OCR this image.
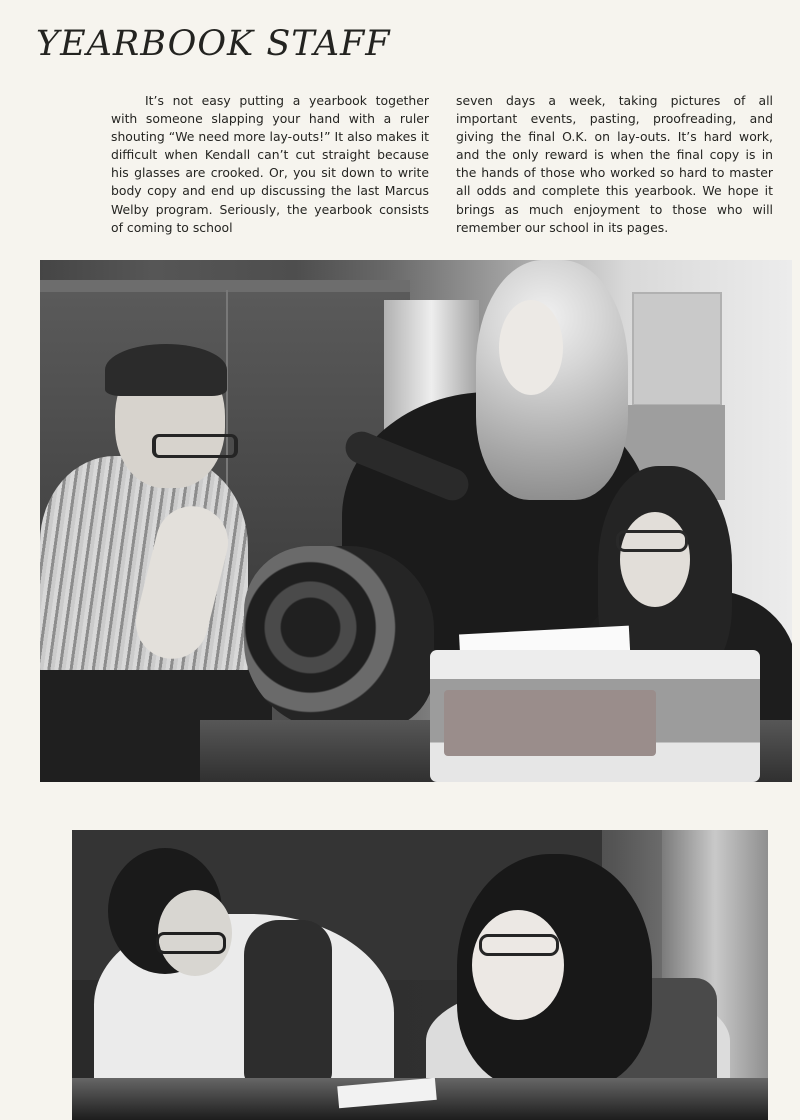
YEARBOOK STAFF

It’s not easy putting a yearbook together with someone slapping your hand with a ruler shouting “We need more lay-outs!” It also makes it difficult when Kendall can’t cut straight because his glasses are crooked. Or, you sit down to write body copy and end up discussing the last Marcus Welby program. Seriously, the yearbook consists of coming to school

seven days a week, taking pictures of all important events, pasting, proofreading, and giving the final O.K. on lay-outs. It’s hard work, and the only reward is when the final copy is in the hands of those who worked so hard to master all odds and complete this yearbook. We hope it brings as much enjoyment to those who will remember our school in its pages.
